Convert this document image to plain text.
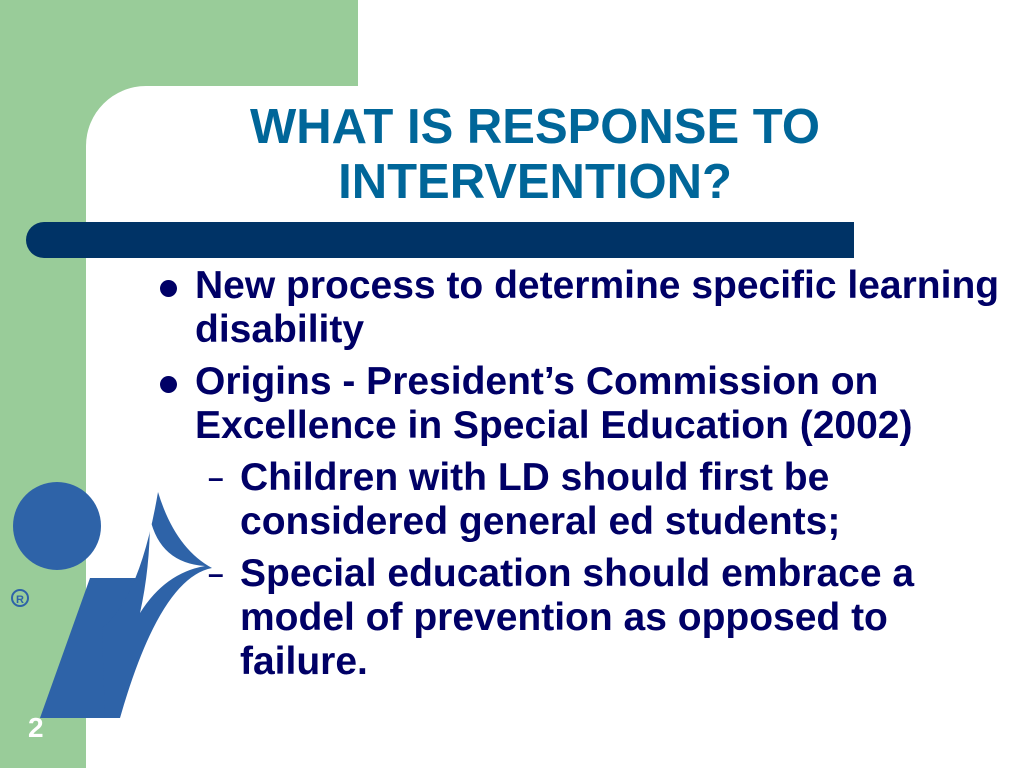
WHAT IS RESPONSE TO INTERVENTION?
New process to determine specific learning disability
Origins - President’s Commission on Excellence in Special Education (2002)
– Children with LD should first be considered general ed students;
– Special education should embrace a model of prevention as opposed to failure.
R
2
